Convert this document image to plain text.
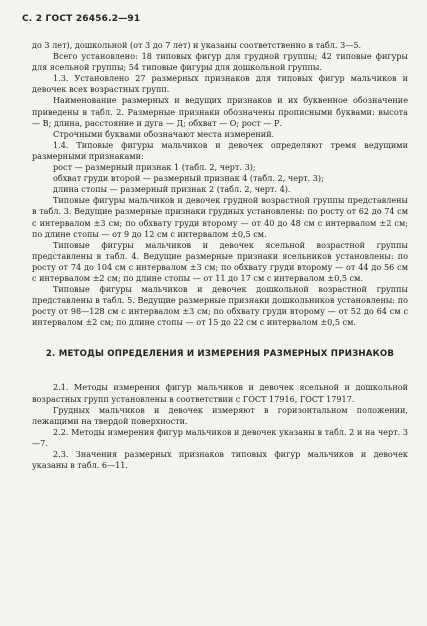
С. 2 ГОСТ 26456.2—91

до 3 лет), дошкольной (от 3 до 7 лет) и указаны соответственно в табл. 3—5.

Всего установлено: 18 типовых фигур для грудной группы; 42 типовые фигуры для ясельной группы; 54 типовые фигуры для дошкольной группы.

1.3. Установлено 27 размерных признаков для типовых фигур мальчиков и девочек всех возрастных групп.

Наименование размерных и ведущих признаков и их буквенное обозначение приведены в табл. 2. Размерные признаки обозначены прописными буквами: высота — В; длина, расстояние и дуга — Д; обхват — О; рост — Р.

Строчными буквами обозначают места измерений.

1.4. Типовые фигуры мальчиков и девочек определяют тремя ведущими размерными признаками:

рост — размерный признак 1 (табл. 2, черт. 3);

обхват груди второй — размерный признак 4 (табл. 2, черт. 3);

длина стопы — размерный признак 2 (табл. 2, черт. 4).

Типовые фигуры мальчиков и девочек грудной возрастной группы представлены в табл. 3. Ведущие размерные признаки грудных установлены: по росту от 62 до 74 см с интервалом ±3 см; по обхвату груди второму — от 40 до 48 см с интервалом ±2 см; по длине стопы — от 9 до 12 см с интервалом ±0,5 см.

Типовые фигуры мальчиков и девочек ясельной возрастной группы представлены в табл. 4. Ведущие размерные признаки ясельников установлены: по росту от 74 до 104 см с интервалом ±3 см; по обхвату груди второму — от 44 до 56 см с интервалом ±2 см; по длине стопы — от 11 до 17 см с интервалом ±0,5 см.

Типовые фигуры мальчиков и девочек дошкольной возрастной группы представлены в табл. 5. Ведущие размерные признаки дошкольников установлены: по росту от 98—128 см с интервалом ±3 см; по обхвату груди второму — от 52 до 64 см с интервалом ±2 см; по длине стопы — от 15 до 22 см с интервалом ±0,5 см.

2. МЕТОДЫ ОПРЕДЕЛЕНИЯ И ИЗМЕРЕНИЯ РАЗМЕРНЫХ ПРИЗНАКОВ

2.1. Методы измерения фигур мальчиков и девочек ясельной и дошкольной возрастных групп установлены в соответствии с ГОСТ 17916, ГОСТ 17917.

Грудных мальчиков и девочек измеряют в горизонтальном положении, лежащими на твердой поверхности.

2.2. Методы измерения фигур мальчиков и девочек указаны в табл. 2 и на черт. 3—7.

2.3. Значения размерных признаков типовых фигур мальчиков и девочек указаны в табл. 6—11.
